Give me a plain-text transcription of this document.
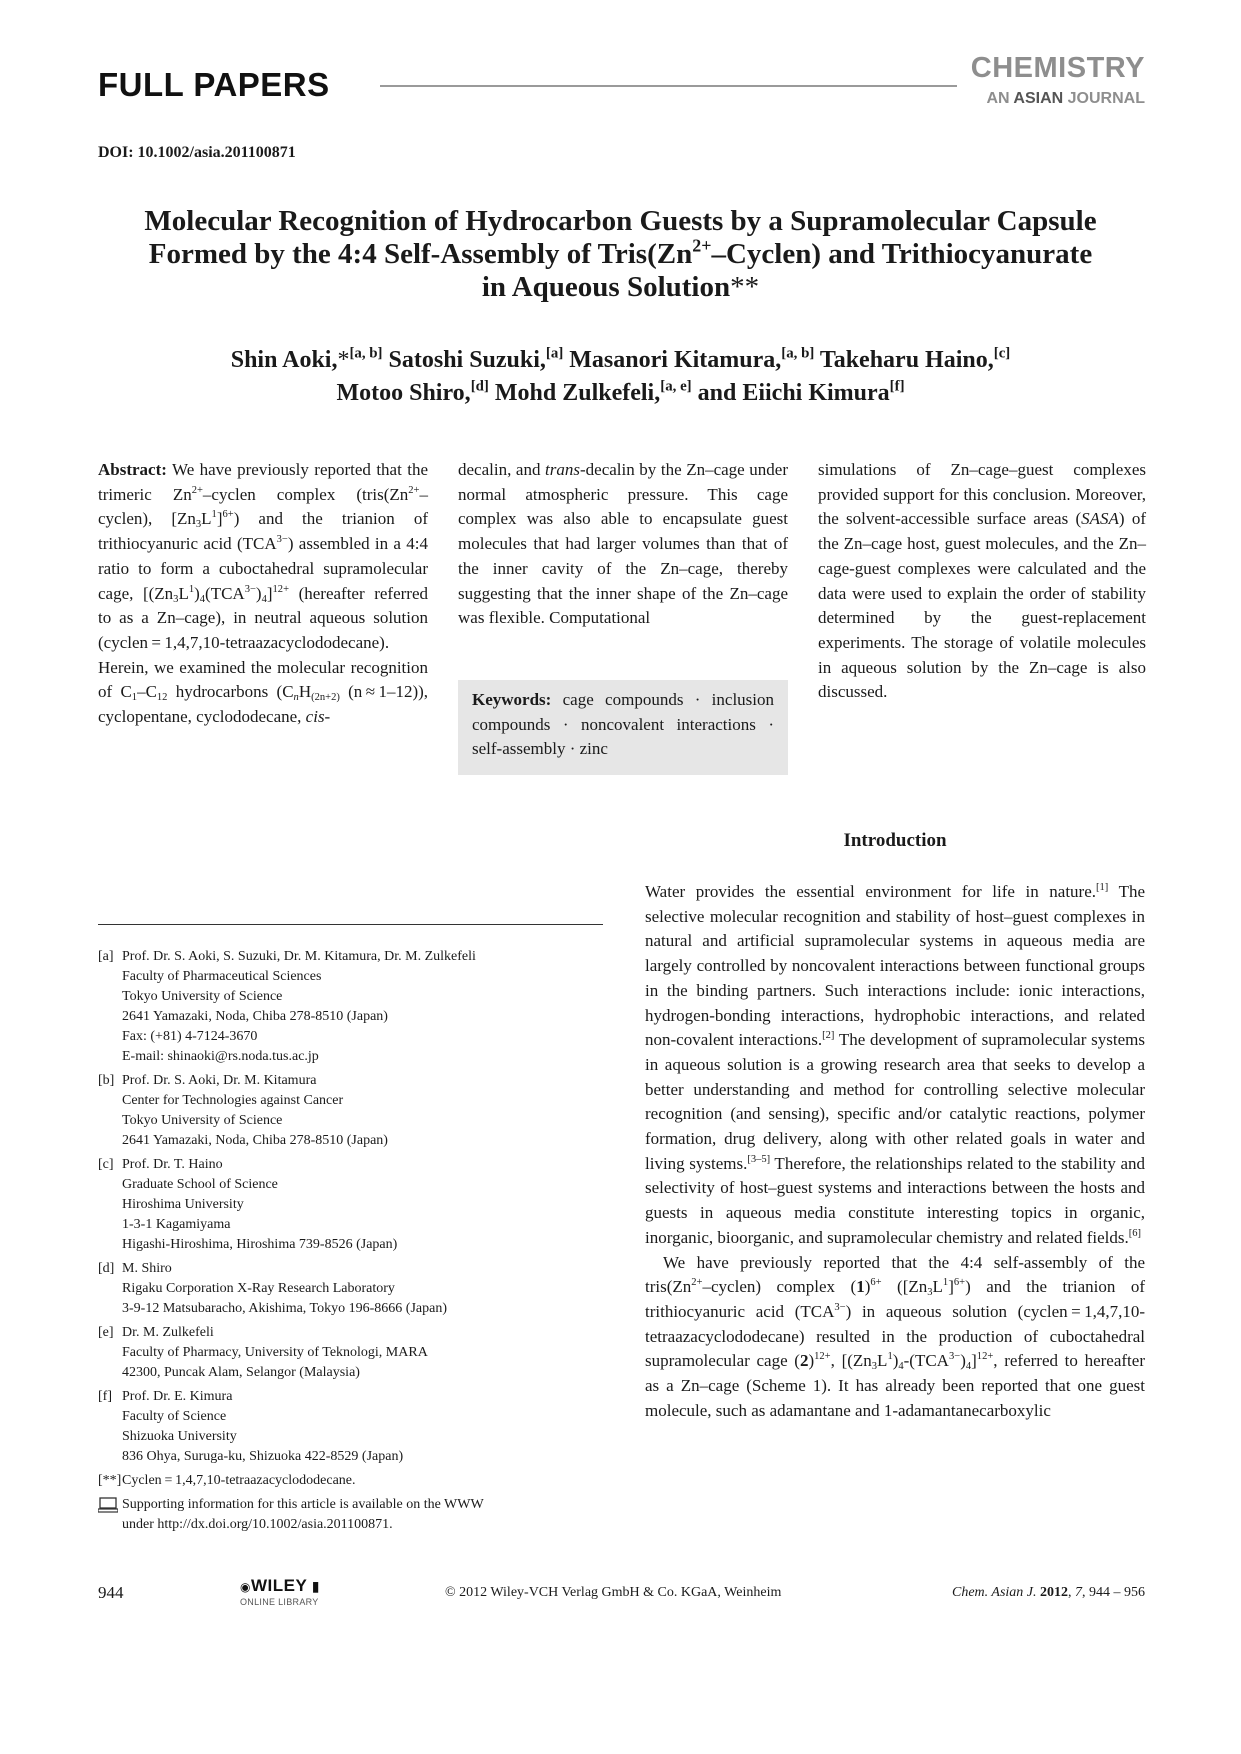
FULL PAPERS	CHEMISTRY
AN ASIAN JOURNAL
DOI: 10.1002/asia.201100871
Molecular Recognition of Hydrocarbon Guests by a Supramolecular Capsule
Formed by the 4:4 Self-Assembly of $Tris(Zn^{2+}-Cyclen)$ and Trithiocyanurate
in Aqueous Solution**
Shin Aoki,*[a, b] Satoshi Suzuki,[a] Masanori Kitamura,[a, b] Takeharu Haino,[c]
Motoo Shiro,[d] Mohd Zulkefeli,[a, e] and Eiichi Kimura[f]
Abstract: We have previously reported that the trimeric $Zn^{2+}$–cyclen complex ($tris(Zn^{2+}-cyclen)$, $[Zn_3L^1]^{6+}$) and the trianion of trithiocyanuric acid $(TCA^{3-})$ assembled in a 4:4 ratio to form a cuboctahedral supramolecular cage, $[(Zn_3L^1)_4(TCA^{3-})_4]^{12+}$ (hereafter referred to as a Zn–cage), in neutral aqueous solution (cyclen = 1,4,7,10-tetraazacyclododecane). Herein, we examined the molecular recognition of $C_1-C_{12}$ hydrocarbons ($C_nH_{(2n+2)}$ (n ≈ 1–12)), cyclopentane, cyclododecane, cis-
decalin, and trans-decalin by the Zn–cage under normal atmospheric pressure. This cage complex was also able to encapsulate guest molecules that had larger volumes than that of the inner cavity of the Zn–cage, thereby suggesting that the inner shape of the Zn–cage was flexible. Computational
Keywords: cage compounds · inclusion compounds · noncovalent interactions · self-assembly · zinc
simulations of Zn–cage–guest complexes provided support for this conclusion. Moreover, the solvent-accessible surface areas (SASA) of the Zn–cage host, guest molecules, and the Zn–cage-guest complexes were calculated and the data were used to explain the order of stability determined by the guest-replacement experiments. The storage of volatile molecules in aqueous solution by the Zn–cage is also discussed.
Introduction

Water provides the essential environment for life in nature.[1] The selective molecular recognition and stability of host–guest complexes in natural and artificial supramolecular systems in aqueous media are largely controlled by noncovalent interactions between functional groups in the binding partners. Such interactions include: ionic interactions, hydrogen-bonding interactions, hydrophobic interactions, and related non-covalent interactions.[2] The development of supramolecular systems in aqueous solution is a growing research area that seeks to develop a better understanding and method for controlling selective molecular recognition (and sensing), specific and/or catalytic reactions, polymer formation, drug delivery, along with other related goals in water and living systems.[3–5] Therefore, the relationships related to the stability and selectivity of host–guest systems and interactions between the hosts and guests in aqueous media constitute interesting topics in organic, inorganic, bioorganic, and supramolecular chemistry and related fields.[6]

We have previously reported that the 4:4 self-assembly of the $tris(Zn^{2+}-cyclen)$ complex $(1)^{6+}$ $([Zn_3L^1]^{6+})$ and the trianion of trithiocyanuric acid $(TCA^{3-})$ in aqueous solution (cyclen = 1,4,7,10-tetraazacyclododecane) resulted in the production of cuboctahedral supramolecular cage $(2)^{12+}$, $[(Zn_3L^1)_4-(TCA^{3-})_4]^{12+}$, referred to hereafter as a Zn–cage (Scheme 1). It has already been reported that one guest molecule, such as adamantane and 1-adamantanecarboxylic

[a] Prof. Dr. S. Aoki, S. Suzuki, Dr. M. Kitamura, Dr. M. Zulkefeli
Faculty of Pharmaceutical Sciences
Tokyo University of Science
2641 Yamazaki, Noda, Chiba 278-8510 (Japan)
Fax: (+81) 4-7124-3670
E-mail: shinaoki@rs.noda.tus.ac.jp
[b] Prof. Dr. S. Aoki, Dr. M. Kitamura
Center for Technologies against Cancer
Tokyo University of Science
2641 Yamazaki, Noda, Chiba 278-8510 (Japan)
[c] Prof. Dr. T. Haino
Graduate School of Science
Hiroshima University
1-3-1 Kagamiyama
Higashi-Hiroshima, Hiroshima 739-8526 (Japan)
[d] M. Shiro
Rigaku Corporation X-Ray Research Laboratory
3-9-12 Matsubaracho, Akishima, Tokyo 196-8666 (Japan)
[e] Dr. M. Zulkefeli
Faculty of Pharmacy, University of Teknologi, MARA
42300, Puncak Alam, Selangor (Malaysia)
[f] Prof. Dr. E. Kimura
Faculty of Science
Shizuoka University
836 Ohya, Suruga-ku, Shizuoka 422-8529 (Japan)
[**] Cyclen = 1,4,7,10-tetraazacyclododecane.
Supporting information for this article is available on the WWW
under http://dx.doi.org/10.1002/asia.201100871.
944	◉WILEY ▮
ONLINE LIBRARY
© 2012 Wiley-VCH Verlag GmbH & Co. KGaA, Weinheim	Chem. Asian J. 2012, 7, 944 – 956
